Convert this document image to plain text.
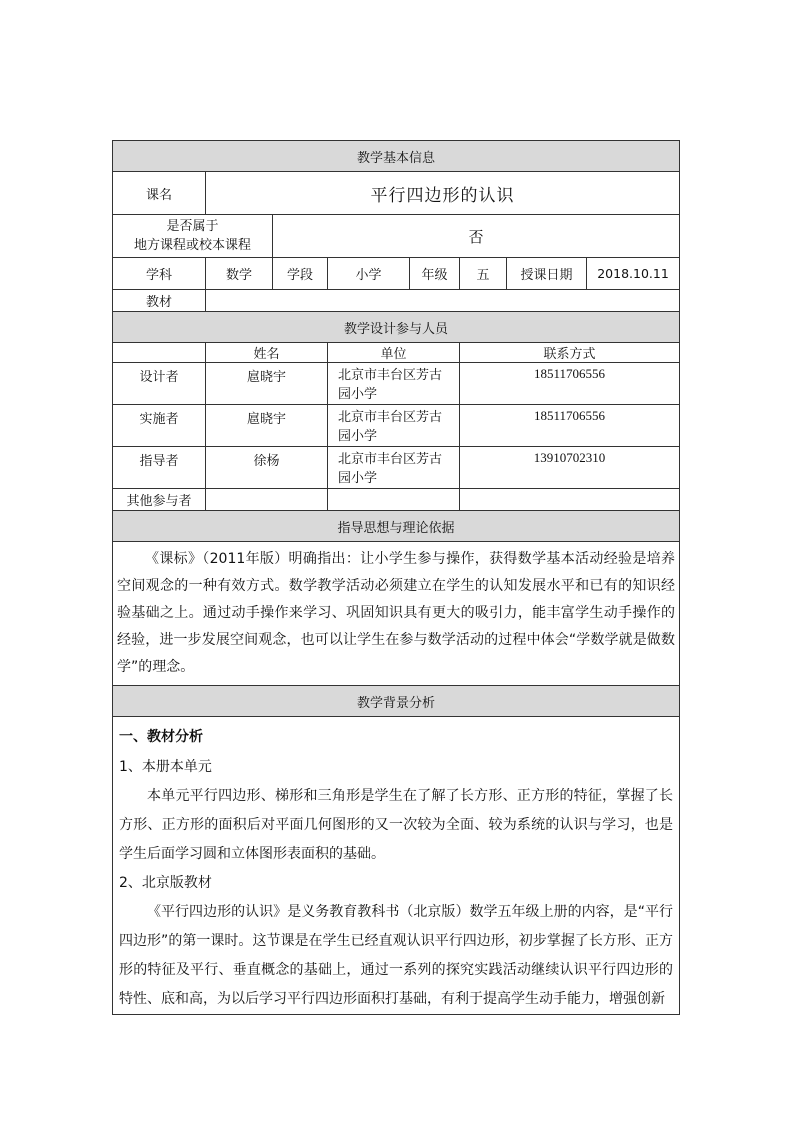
教学基本信息							
课名	平行四边形的认识						

是否属于
地方课程或校本课程		否					
学科	数学	学段	小学	年级	五	授课日期	2018.10.11
教材							
教学设计参与人员							
	姓名		单位		联系方式		
设计者	扈晓宇		北京市丰台区芳古园小学		18511706556		
实施者	扈晓宇		北京市丰台区芳古园小学		18511706556		
指导者	徐杨		北京市丰台区芳古园小学		13910702310		
其他参与者							
指导思想与理论依据							
《课标》（2011年版）明确指出：让小学生参与操作，获得数学基本活动经验是培养空间观念的一种有效方式。数学教学活动必须建立在学生的认知发展水平和已有的知识经验基础之上。通过动手操作来学习、巩固知识具有更大的吸引力，能丰富学生动手操作的经验，进一步发展空间观念，也可以让学生在参与数学活动的过程中体会“学数学就是做数学”的理念。							
教学背景分析							

一、教材分析

1、本册本单元

本单元平行四边形、梯形和三角形是学生在了解了长方形、正方形的特征，掌握了长方形、正方形的面积后对平面几何图形的又一次较为全面、较为系统的认识与学习，也是学生后面学习圆和立体图形表面积的基础。

2、北京版教材

《平行四边形的认识》是义务教育教科书（北京版）数学五年级上册的内容，是“平行四边形”的第一课时。这节课是在学生已经直观认识平行四边形，初步掌握了长方形、正方形的特征及平行、垂直概念的基础上，通过一系列的探究实践活动继续认识平行四边形的特性、底和高，为以后学习平行四边形面积打基础，有利于提高学生动手能力，增强创新							
